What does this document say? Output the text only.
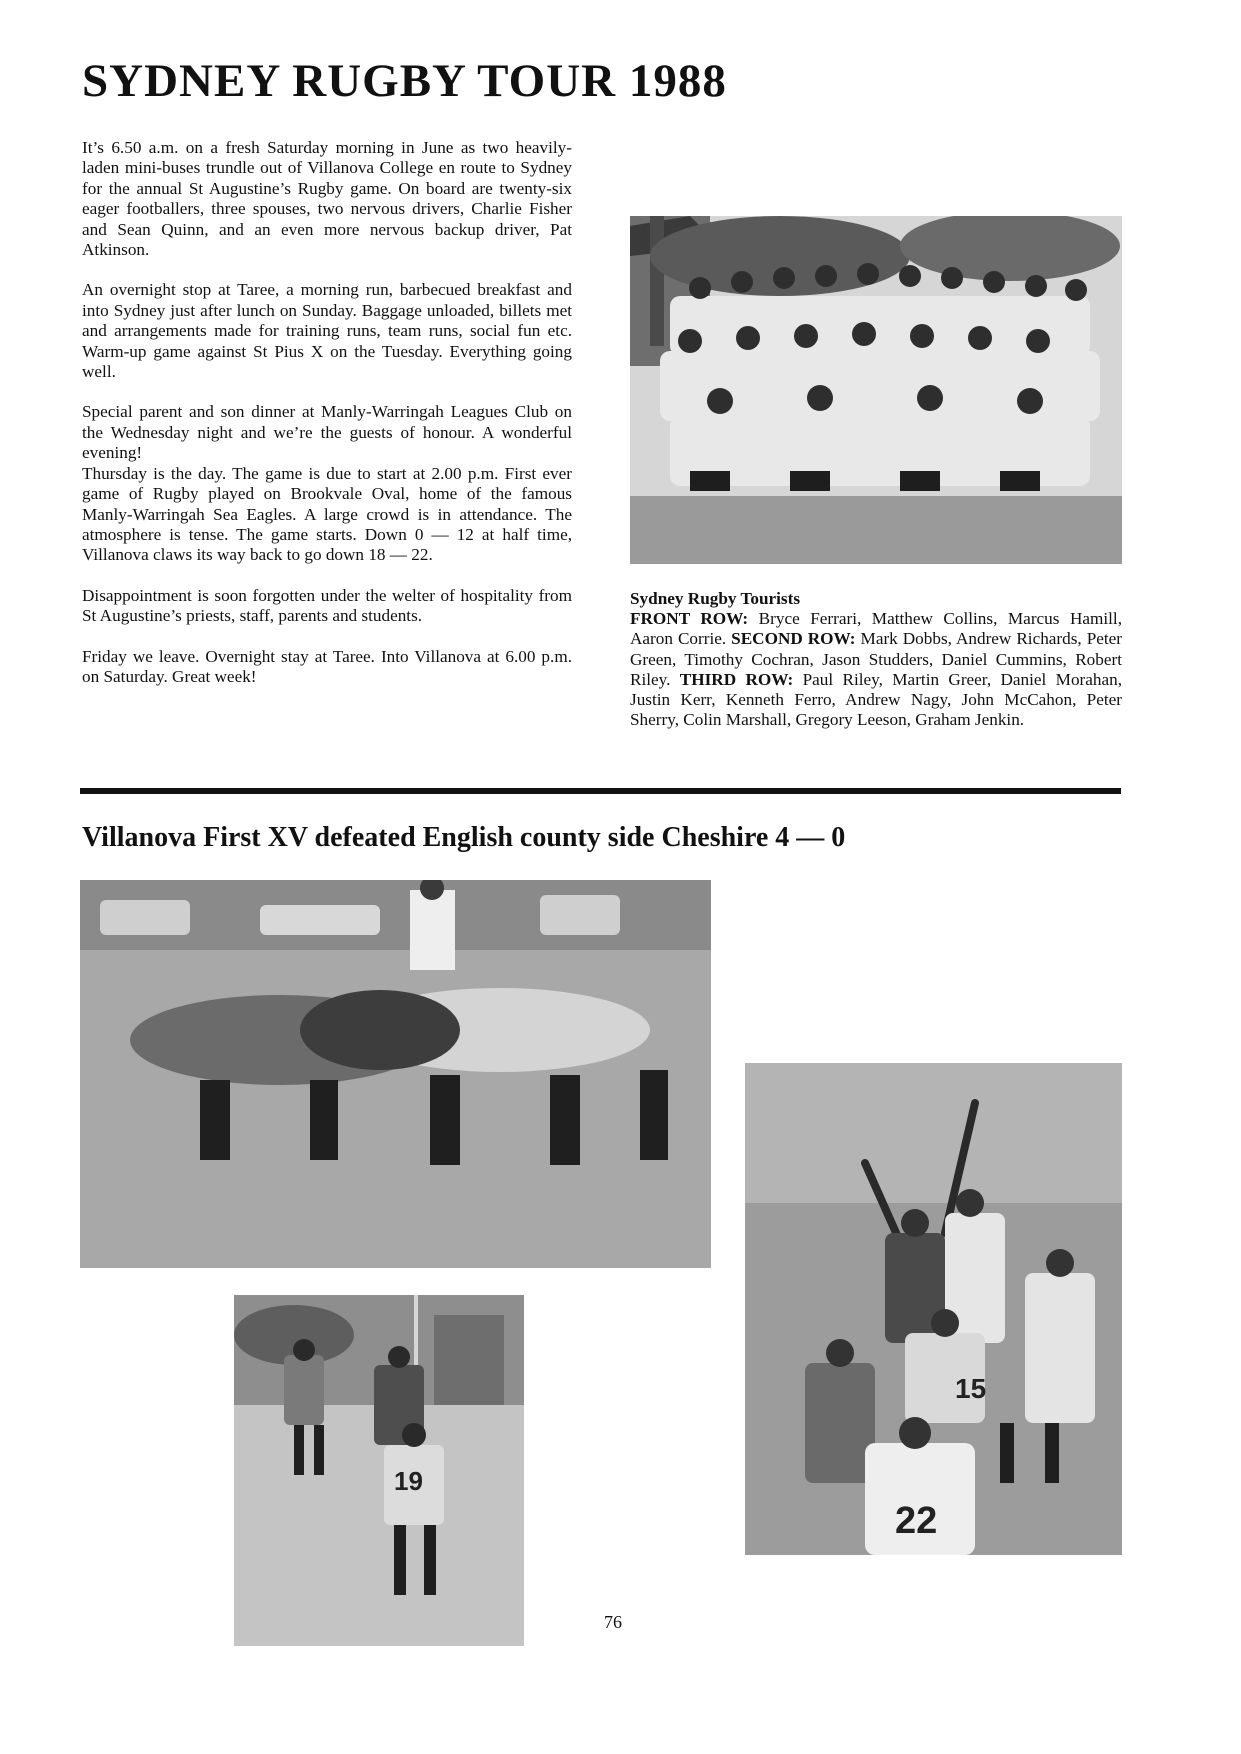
SYDNEY RUGBY TOUR 1988

It’s 6.50 a.m. on a fresh Saturday morning in June as two heavily-laden mini-buses trundle out of Villanova College en route to Sydney for the annual St Augustine’s Rugby game. On board are twenty-six eager footballers, three spouses, two nervous drivers, Charlie Fisher and Sean Quinn, and an even more nervous backup driver, Pat Atkinson.

An overnight stop at Taree, a morning run, barbecued breakfast and into Sydney just after lunch on Sunday. Baggage unloaded, billets met and arrangements made for training runs, team runs, social fun etc. Warm-up game against St Pius X on the Tuesday. Everything going well.

Special parent and son dinner at Manly-Warringah Leagues Club on the Wednesday night and we’re the guests of honour. A wonderful evening!

Thursday is the day. The game is due to start at 2.00 p.m. First ever game of Rugby played on Brookvale Oval, home of the famous Manly-Warringah Sea Eagles. A large crowd is in attendance. The atmosphere is tense. The game starts. Down 0 — 12 at half time, Villanova claws its way back to go down 18 — 22.

Disappointment is soon forgotten under the welter of hospitality from St Augustine’s priests, staff, parents and students.

Friday we leave. Overnight stay at Taree. Into Villanova at 6.00 p.m. on Saturday. Great week!

Sydney Rugby Tourists
FRONT ROW: Bryce Ferrari, Matthew Collins, Marcus Hamill, Aaron Corrie. SECOND ROW: Mark Dobbs, Andrew Richards, Peter Green, Timothy Cochran, Jason Studders, Daniel Cummins, Robert Riley. THIRD ROW: Paul Riley, Martin Greer, Daniel Morahan, Justin Kerr, Kenneth Ferro, Andrew Nagy, John McCahon, Peter Sherry, Colin Marshall, Gregory Leeson, Graham Jenkin.
Villanova First XV defeated English county side Cheshire 4 — 0
22
15
19
76
